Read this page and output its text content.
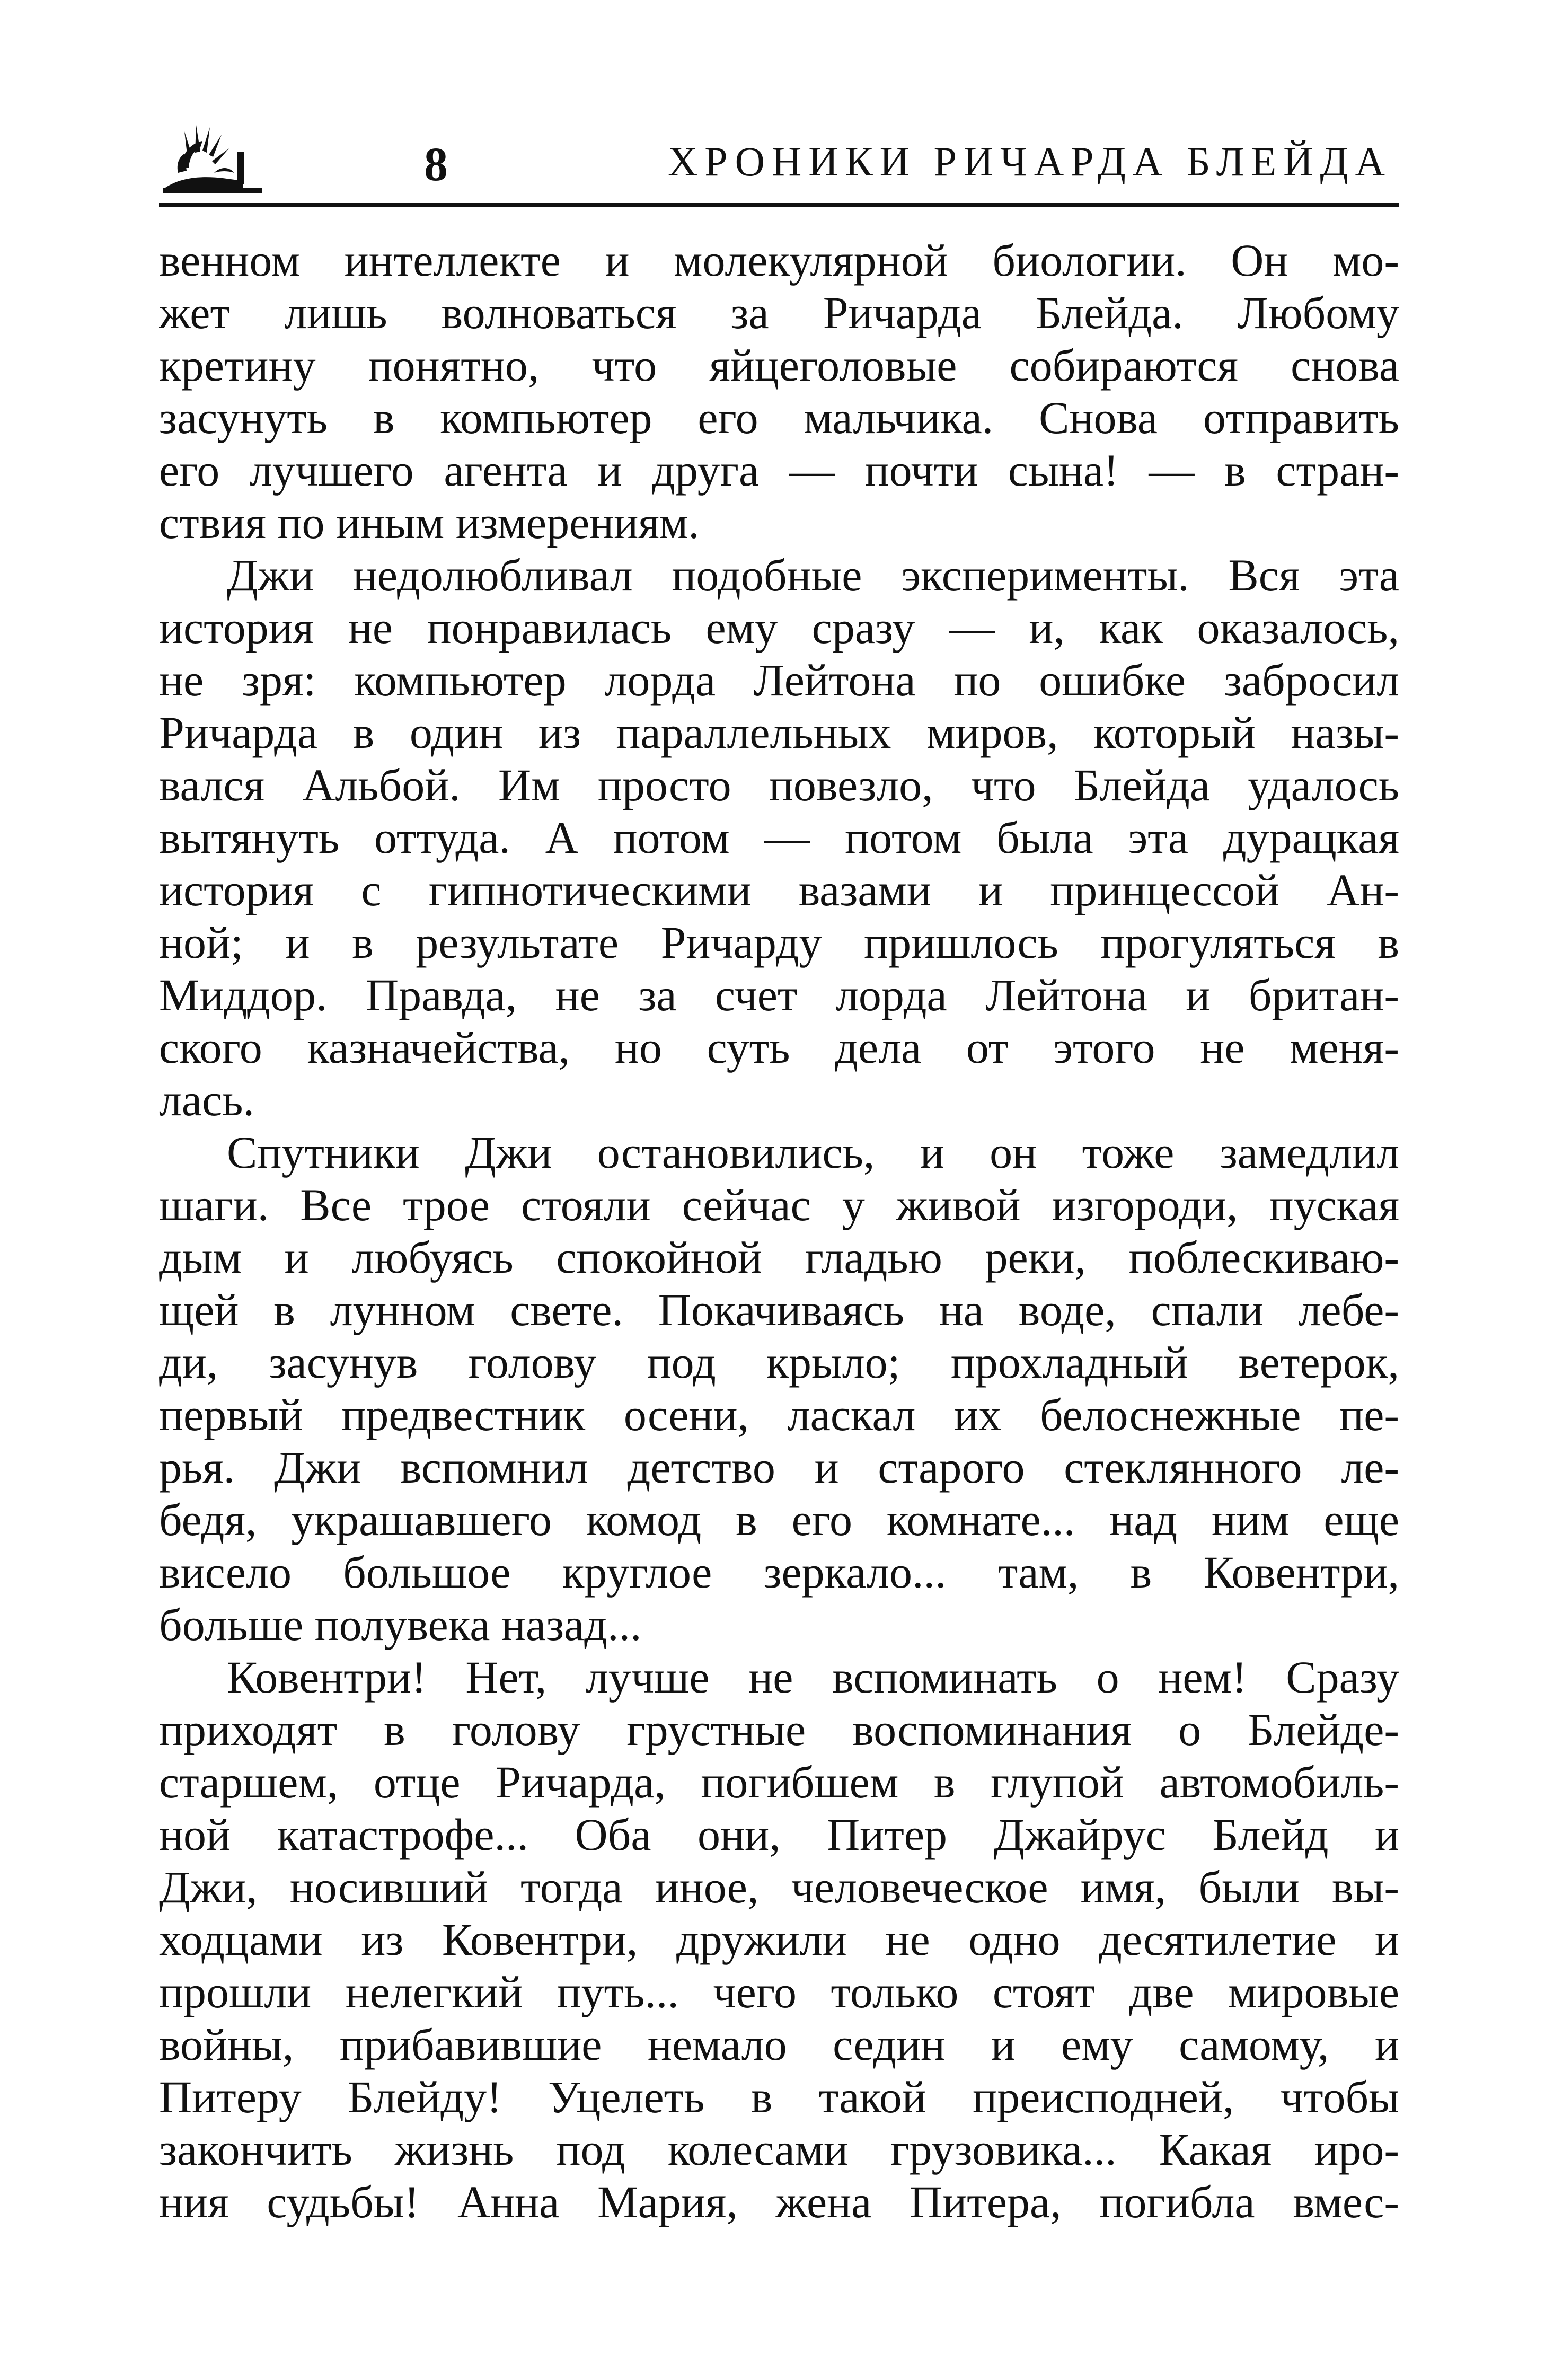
8	ХРОНИКИ РИЧАРДА БЛЕЙДА
венном интеллекте и молекулярной биологии. Он мо-
жет лишь волноваться за Ричарда Блейда. Любому
кретину понятно, что яйцеголовые собираются снова
засунуть в компьютер его мальчика. Снова отправить
его лучшего агента и друга — почти сына! — в стран-
ствия по иным измерениям.
Джи недолюбливал подобные эксперименты. Вся эта
история не понравилась ему сразу — и, как оказалось,
не зря: компьютер лорда Лейтона по ошибке забросил
Ричарда в один из параллельных миров, который назы-
вался Альбой. Им просто повезло, что Блейда удалось
вытянуть оттуда. А потом — потом была эта дурацкая
история с гипнотическими вазами и принцессой Ан-
ной; и в результате Ричарду пришлось прогуляться в
Миддор. Правда, не за счет лорда Лейтона и британ-
ского казначейства, но суть дела от этого не меня-
лась.
Спутники Джи остановились, и он тоже замедлил
шаги. Все трое стояли сейчас у живой изгороди, пуская
дым и любуясь спокойной гладью реки, поблескиваю-
щей в лунном свете. Покачиваясь на воде, спали лебе-
ди, засунув голову под крыло; прохладный ветерок,
первый предвестник осени, ласкал их белоснежные пе-
рья. Джи вспомнил детство и старого стеклянного ле-
бедя, украшавшего комод в его комнате... над ним еще
висело большое круглое зеркало... там, в Ковентри,
больше полувека назад...
Ковентри! Нет, лучше не вспоминать о нем! Сразу
приходят в голову грустные воспоминания о Блейде-
старшем, отце Ричарда, погибшем в глупой автомобиль-
ной катастрофе... Оба они, Питер Джайрус Блейд и
Джи, носивший тогда иное, человеческое имя, были вы-
ходцами из Ковентри, дружили не одно десятилетие и
прошли нелегкий путь... чего только стоят две мировые
войны, прибавившие немало седин и ему самому, и
Питеру Блейду! Уцелеть в такой преисподней, чтобы
закончить жизнь под колесами грузовика... Какая иро-
ния судьбы! Анна Мария, жена Питера, погибла вмес-
